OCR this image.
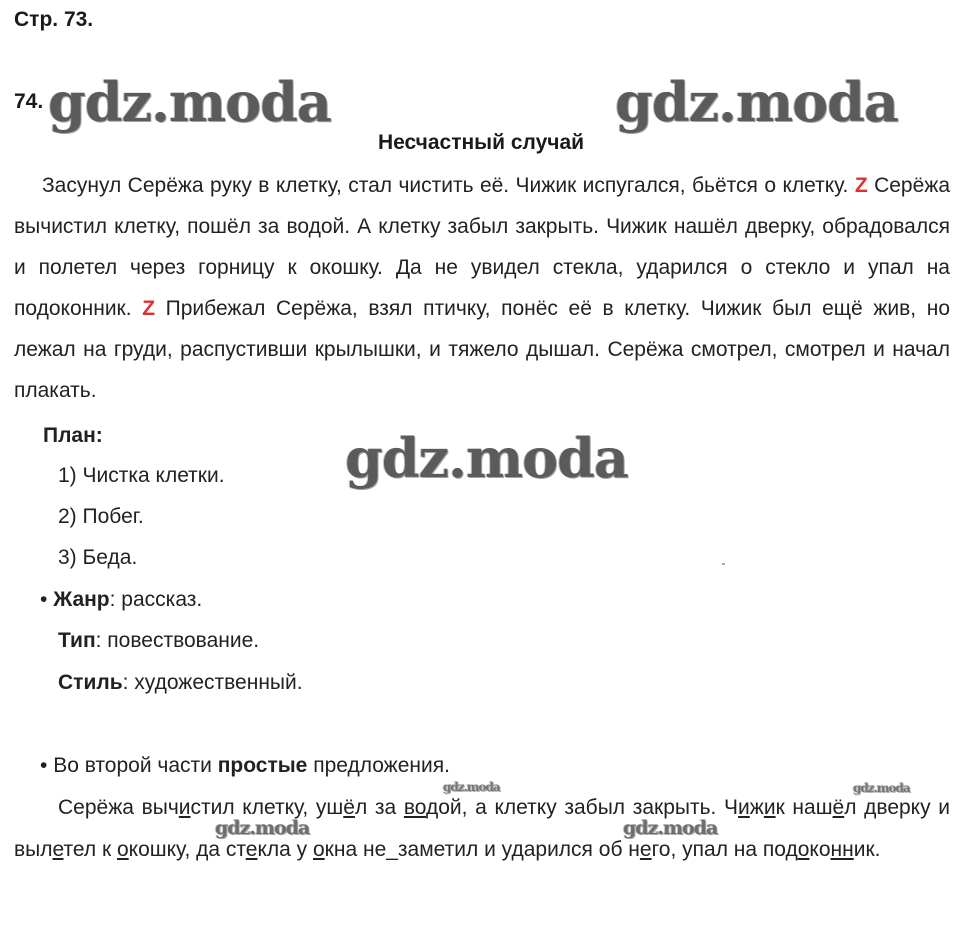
Стр. 73.
74. gdz.moda	gdz.moda
Несчастный случай
Засунул Серёжа руку в клетку, стал чистить её. Чижик испугался, бьётся о клетку. Z Серёжа вычистил клетку, пошёл за водой. А клетку забыл закрыть. Чижик нашёл дверку, обрадовался и полетел через горницу к окошку. Да не увидел стекла, ударился о стекло и упал на подоконник. Z Прибежал Серёжа, взял птичку, понёс её в клетку. Чижик был ещё жив, но лежал на груди, распустивши крылышки, и тяжело дышал. Серёжа смотрел, смотрел и начал плакать.
План:	gdz.moda
1) Чистка клетки.
2) Побег.
3) Беда.
• Жанр: рассказ.
Тип: повествование.
Стиль: художественный.
• Во второй части простые предложения.
gdz.moda	gdz.moda
Серёжа вычистил клетку, ушёл за водой, а клетку забыл закрыть. Чижик нашёл дверку и вылетел к окошку, да стекла у окна не_заметил и ударился об него, упал на подоконник.
gdz.moda	gdz.moda
